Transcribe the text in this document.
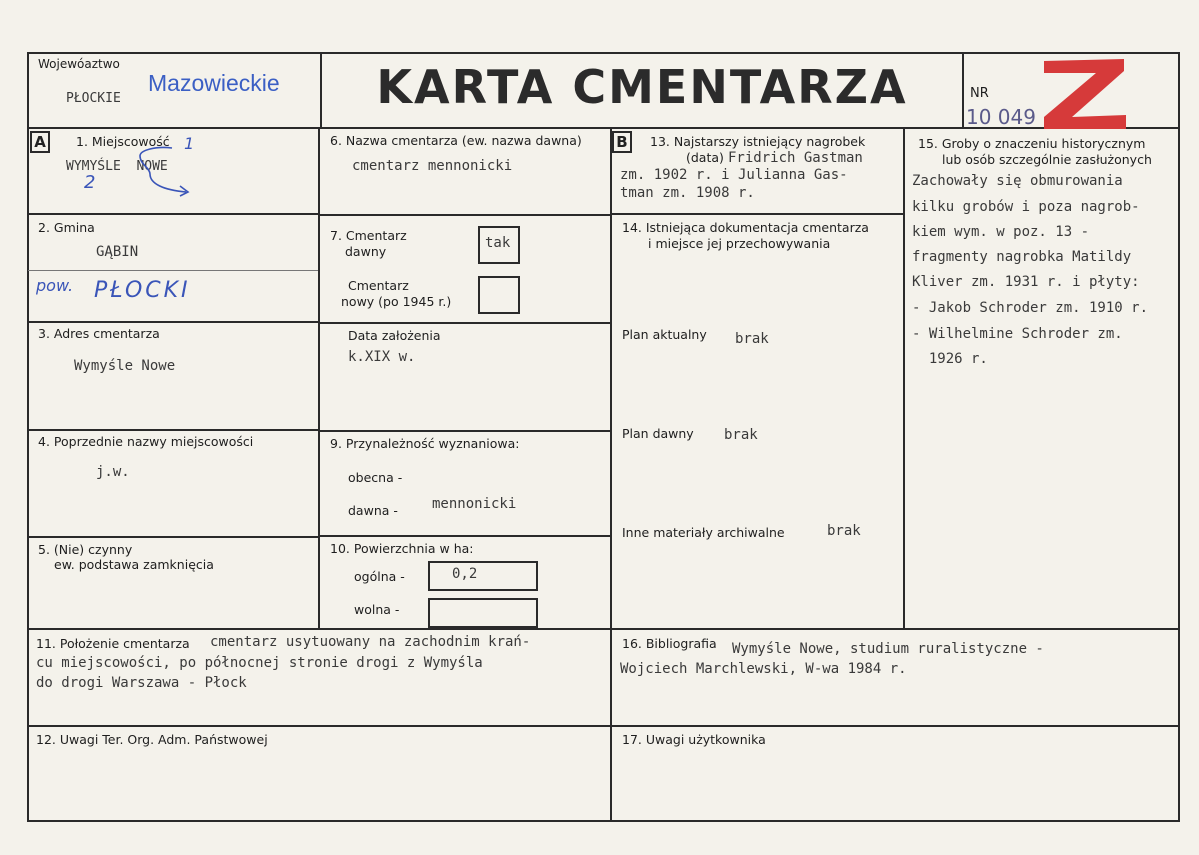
Wojewóaztwo
PŁOCKIE
Mazowieckie	KARTA CMENTARZA	NR
10 049
A	B
1. Miejscowość
WYMYŚLE  NOWE
1
2
2. Gmina
GĄBIN
pow. PŁOCKI
3. Adres cmentarza
Wymyśle Nowe
4. Poprzednie nazwy miejscowości
j.w.
5. (Nie) czynny
ew. podstawa zamknięcia
6. Nazwa cmentarza (ew. nazwa dawna)
cmentarz mennonicki
7. Cmentarz
dawny
tak
Cmentarz
nowy (po 1945 r.)
Data założenia
k.XIX w.
9. Przynależność wyznaniowa:
obecna -
dawna - mennonicki
10. Powierzchnia w ha:
ogólna -	0,2
wolna -
11. Położenie cmentarza cmentarz usytuowany na zachodnim krań-
cu miejscowości, po północnej stronie drogi z Wymyśla
do drogi Warszawa - Płock
12. Uwagi Ter. Org. Adm. Państwowej
13. Najstarszy istniejący nagrobek
(data) Fridrich Gastman
zm. 1902 r. i Julianna Gas-
tman zm. 1908 r.
14. Istniejąca dokumentacja cmentarza
i miejsce jej przechowywania
Plan aktualny brak
Plan dawny brak
Inne materiały archiwalne	brak
15. Groby o znaczeniu historycznym
lub osób szczególnie zasłużonych
Zachowały się obmurowania
kilku grobów i poza nagrob-
kiem wym. w poz. 13 -
fragmenty nagrobka Matildy
Kliver zm. 1931 r. i płyty:
- Jakob Schroder zm. 1910 r.
- Wilhelmine Schroder zm.
1926 r.
16. Bibliografia Wymyśle Nowe, studium ruralistyczne -
Wojciech Marchlewski, W-wa 1984 r.
17. Uwagi użytkownika
